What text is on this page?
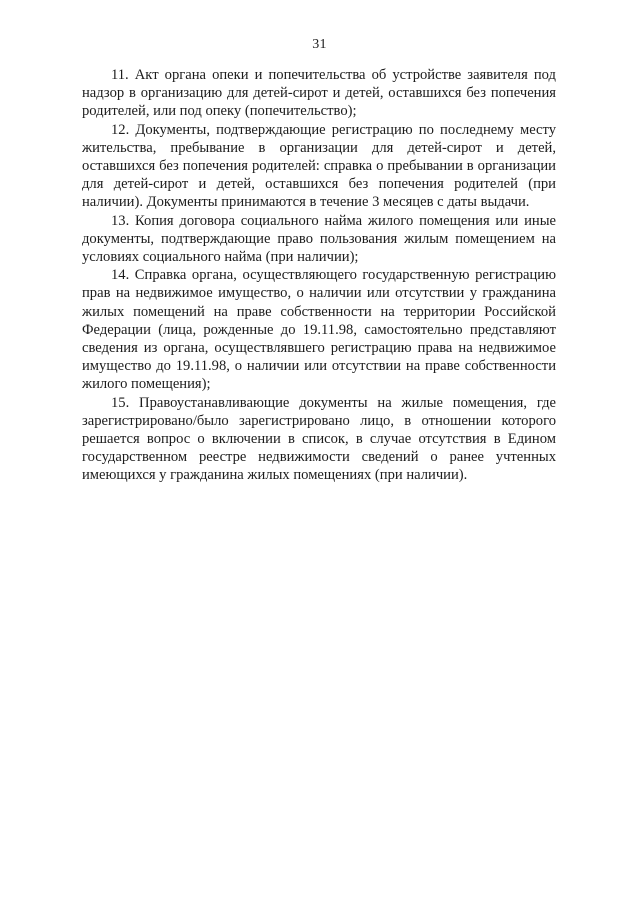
31

11. Акт органа опеки и попечительства об устройстве заявителя под надзор в организацию для детей-сирот и детей, оставшихся без попечения родителей, или под опеку (попечительство);

12. Документы, подтверждающие регистрацию по последнему месту жительства, пребывание в организации для детей-сирот и детей, оставшихся без попечения родителей: справка о пребывании в организации для детей-сирот и детей, оставшихся без попечения родителей (при наличии). Документы принимаются в течение 3 месяцев с даты выдачи.

13. Копия договора социального найма жилого помещения или иные документы, подтверждающие право пользования жилым помещением на условиях социального найма (при наличии);

14. Справка органа, осуществляющего государственную регистрацию прав на недвижимое имущество, о наличии или отсутствии у гражданина жилых помещений на праве собственности на территории Российской Федерации (лица, рожденные до 19.11.98, самостоятельно представляют сведения из органа, осуществлявшего регистрацию права на недвижимое имущество до 19.11.98, о наличии или отсутствии на праве собственности жилого помещения);

15. Правоустанавливающие документы на жилые помещения, где зарегистрировано/было зарегистрировано лицо, в отношении которого решается вопрос о включении в список, в случае отсутствия в Едином государственном реестре недвижимости сведений о ранее учтенных имеющихся у гражданина жилых помещениях (при наличии).
